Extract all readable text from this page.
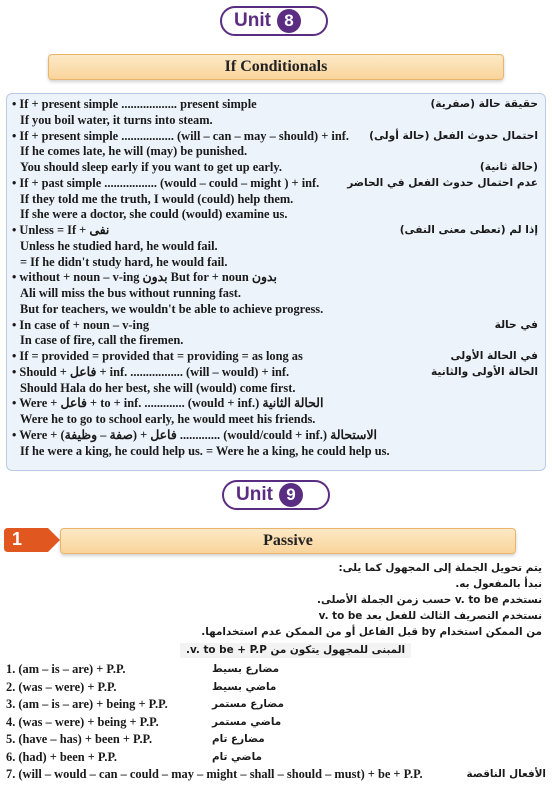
Unit 8
If Conditionals
• If + present simple .................. present simple	حقيقة حالة (صفرية)
If you boil water, it turns into steam.
• If + present simple ................. (will – can – may – should) + inf. احتمال حدوث الفعل (حالة أولى)
If he comes late, he will (may) be punished.
You should sleep early if you want to get up early.	(حالة ثانية)
• If + past simple ................. (would – could – might ) + inf.	عدم احتمال حدوث الفعل في الحاضر
If they told me the truth, I would (could) help them.
If she were a doctor, she could (would) examine us.
• Unless = If + نفى	إذا لم (تعطى معنى النفى)
Unless he studied hard, he would fail.
= If he didn't study hard, he would fail.
• without + noun – v-ing بدون But for + noun بدون
Ali will miss the bus without running fast.
But for teachers, we wouldn't be able to achieve progress.
• In case of + noun – v-ing	في حالة
In case of fire, call the firemen.
• If = provided = provided that = providing = as long as	في الحالة الأولى
• Should + فاعل + inf. ................. (will – would) + inf.	الحالة الأولى والثانية
Should Hala do her best, she will (would) come first.
• Were + فاعل + to + inf. ............. (would + inf.) الحالة الثانية
Were he to go to school early, he would meet his friends.
• Were + فاعل + (صفة – وظيفة) ............. (would/could + inf.) الاستحالة
If he were a king, he could help us. = Were he a king, he could help us.
Unit 9
1	Passive
يتم تحويل الجملة إلى المجهول كما يلى:
نبدأ بالمفعول به.
نستخدم v. to be حسب زمن الجملة الأصلى.
نستخدم التصريف الثالث للفعل بعد v. to be
من الممكن استخدام by قبل الفاعل أو من الممكن عدم استخدامها.
المبنى للمجهول يتكون من v. to be + P.P.
1. (am – is – are) + P.P.	مضارع بسيط
2. (was – were) + P.P.	ماضي بسيط
3. (am – is – are) + being + P.P.	مضارع مستمر
4. (was – were) + being + P.P.	ماضي مستمر
5. (have – has) + been + P.P.	مضارع تام
6. (had) + been + P.P.	ماضي تام
7. (will – would – can – could – may – might – shall – should – must) + be + P.P.	الأفعال الناقصة
